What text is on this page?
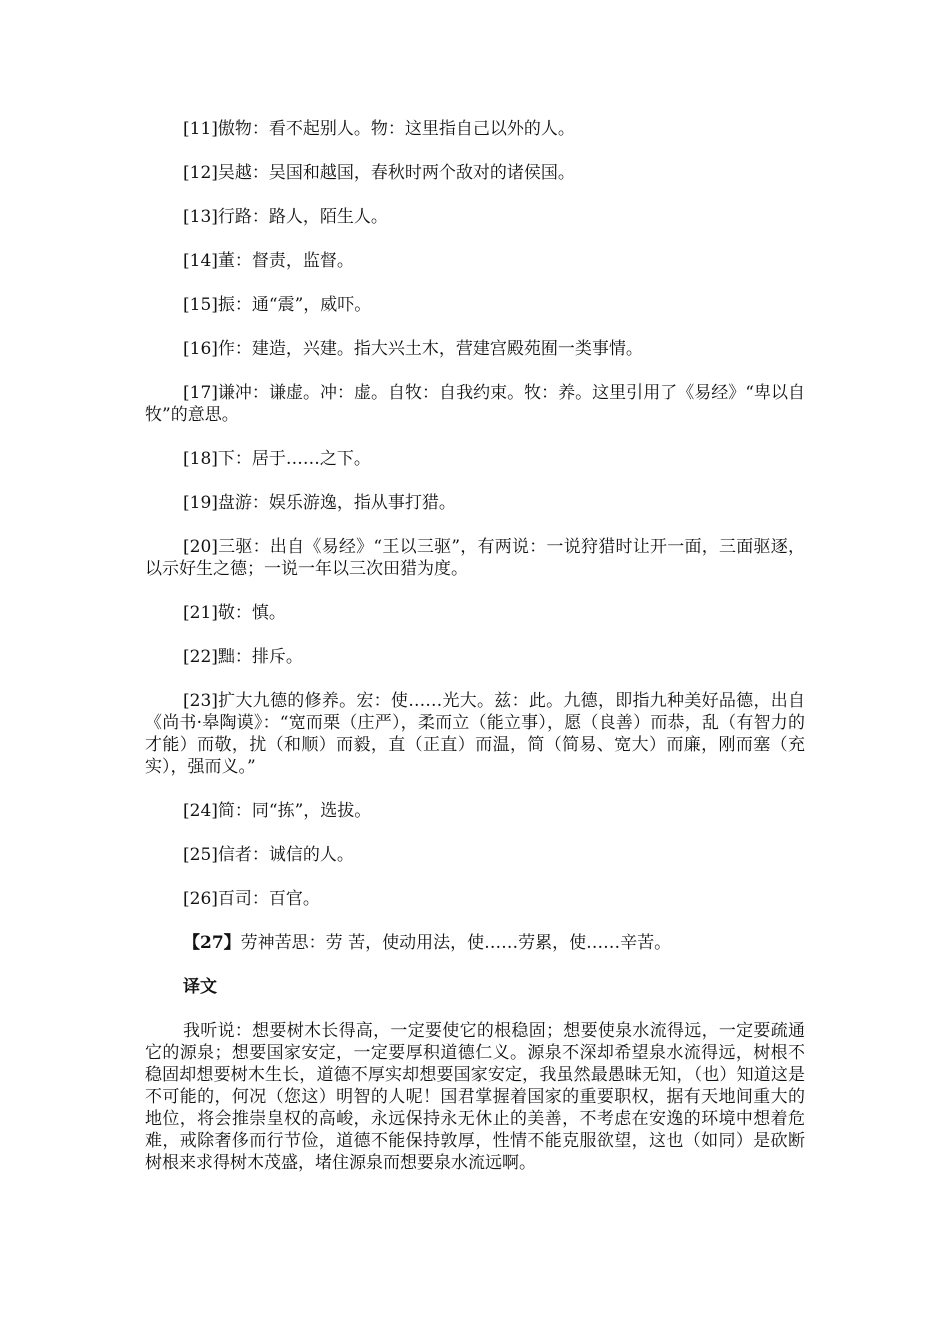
[11]傲物：看不起别人。物：这里指自己以外的人。

[12]吴越：吴国和越国，春秋时两个敌对的诸侯国。

[13]行路：路人，陌生人。

[14]董：督责，监督。

[15]振：通“震”，威吓。

[16]作：建造，兴建。指大兴土木，营建宫殿苑囿一类事情。

[17]谦冲：谦虚。冲：虚。自牧：自我约束。牧：养。这里引用了《易经》“卑以自牧”的意思。

[18]下：居于……之下。

[19]盘游：娱乐游逸，指从事打猎。

[20]三驱：出自《易经》“王以三驱”，有两说：一说狩猎时让开一面，三面驱逐，以示好生之德；一说一年以三次田猎为度。

[21]敬：慎。

[22]黜：排斥。

[23]扩大九德的修养。宏：使……光大。兹：此。九德，即指九种美好品德，出自《尚书·皋陶谟》：“宽而栗（庄严），柔而立（能立事），愿（良善）而恭，乱（有智力的才能）而敬，扰（和顺）而毅，直（正直）而温，简（简易、宽大）而廉，刚而塞（充实），强而义。”

[24]简：同“拣”，选拔。

[25]信者：诚信的人。

[26]百司：百官。

【27】劳神苦思：劳 苦，使动用法，使……劳累，使……辛苦。

译文

我听说：想要树木长得高，一定要使它的根稳固；想要使泉水流得远，一定要疏通它的源泉；想要国家安定，一定要厚积道德仁义。源泉不深却希望泉水流得远，树根不稳固却想要树木生长，道德不厚实却想要国家安定，我虽然最愚昧无知，（也）知道这是不可能的，何况（您这）明智的人呢！国君掌握着国家的重要职权，据有天地间重大的地位，将会推崇皇权的高峻，永远保持永无休止的美善，不考虑在安逸的环境中想着危难，戒除奢侈而行节俭，道德不能保持敦厚，性情不能克服欲望，这也（如同）是砍断树根来求得树木茂盛，堵住源泉而想要泉水流远啊。
